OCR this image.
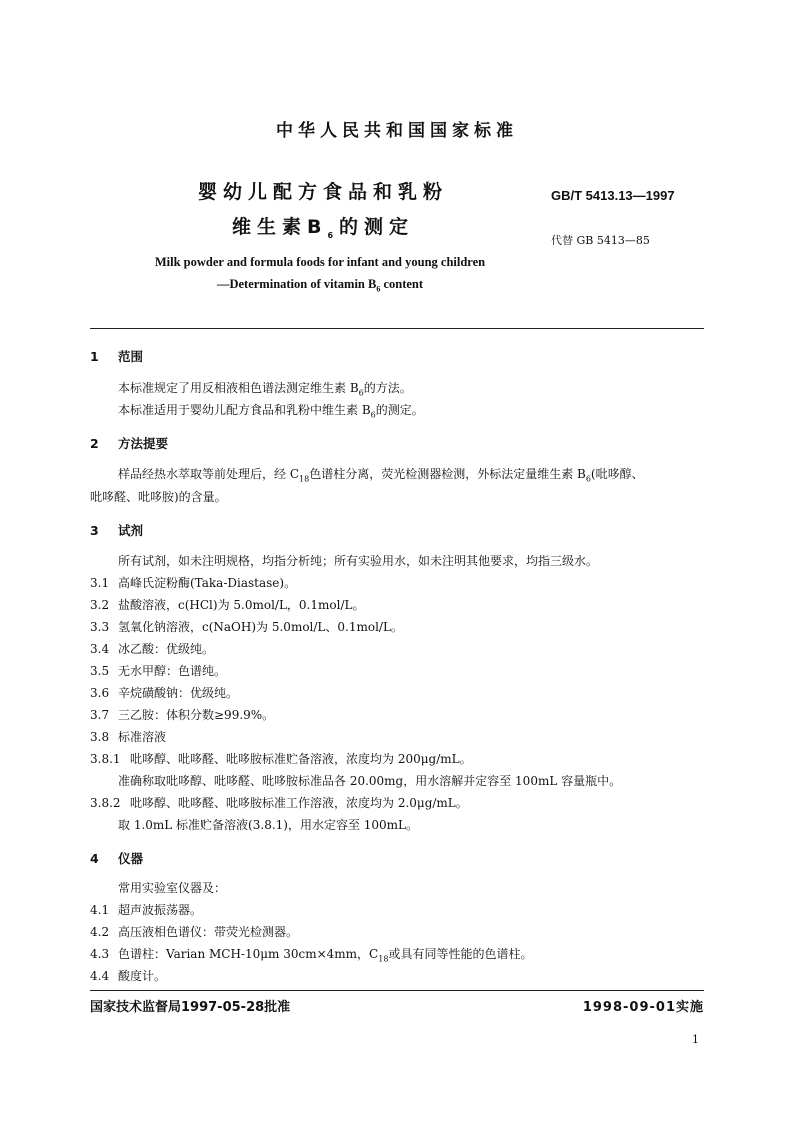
中华人民共和国国家标准
婴幼儿配方食品和乳粉
维生素$B_6$的测定
GB/T 5413.13—1997
代替 GB 5413—85
Milk powder and formula foods for infant and young children
—Determination of vitamin $B_6$ content
1 范围
本标准规定了用反相液相色谱法测定维生素 $B_6$的方法。
本标准适用于婴幼儿配方食品和乳粉中维生素 $B_6$的测定。
2 方法提要
样品经热水萃取等前处理后，经 $C_{18}$色谱柱分离，荧光检测器检测，外标法定量维生素 $B_6$(吡哆醇、
吡哆醛、吡哆胺)的含量。
3 试剂
所有试剂，如未注明规格，均指分析纯；所有实验用水，如未注明其他要求，均指三级水。
3.1 高峰氏淀粉酶(Taka-Diastase)。
3.2 盐酸溶液，c(HCl)为 5.0mol/L，0.1mol/L。
3.3 氢氧化钠溶液，c(NaOH)为 5.0mol/L、0.1mol/L。
3.4 冰乙酸：优级纯。
3.5 无水甲醇：色谱纯。
3.6 辛烷磺酸钠：优级纯。
3.7 三乙胺：体积分数≥99.9%。
3.8 标准溶液
3.8.1 吡哆醇、吡哆醛、吡哆胺标准贮备溶液，浓度均为 200μg/mL。
准确称取吡哆醇、吡哆醛、吡哆胺标准品各 20.00mg，用水溶解并定容至 100mL 容量瓶中。
3.8.2 吡哆醇、吡哆醛、吡哆胺标准工作溶液，浓度均为 2.0μg/mL。
取 1.0mL 标准贮备溶液(3.8.1)，用水定容至 100mL。
4 仪器
常用实验室仪器及：
4.1 超声波振荡器。
4.2 高压液相色谱仪：带荧光检测器。
4.3 色谱柱：Varian MCH-10μm 30cm×4mm，$C_{18}$或具有同等性能的色谱柱。
4.4 酸度计。
国家技术监督局1997-05-28批准	1998-09-01实施
1
